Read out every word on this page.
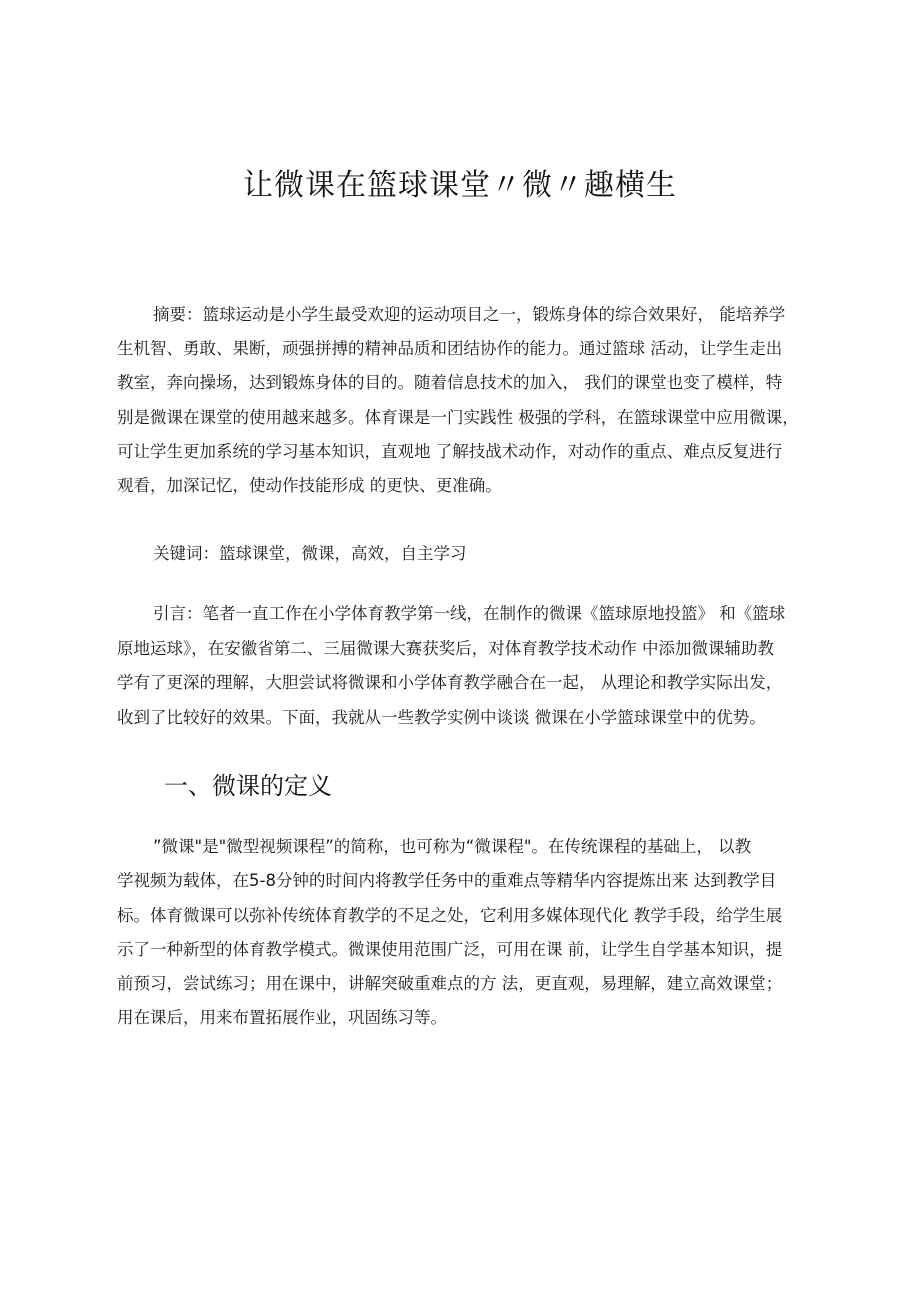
让微课在篮球课堂〃微〃趣横生
摘要：篮球运动是小学生最受欢迎的运动项目之一，锻炼身体的综合效果好， 能培养学
生机智、勇敢、果断，顽强拼搏的精神品质和团结协作的能力。通过篮球 活动，让学生走出
教室，奔向操场，达到锻炼身体的目的。随着信息技术的加入， 我们的课堂也变了模样，特
别是微课在课堂的使用越来越多。体育课是一门实践性 极强的学科，在篮球课堂中应用微课，
可让学生更加系统的学习基本知识，直观地 了解技战术动作，对动作的重点、难点反复进行
观看，加深记忆，使动作技能形成 的更快、更准确。
关键词：篮球课堂，微课，高效，自主学习
引言：笔者一直工作在小学体育教学第一线，在制作的微课《篮球原地投篮》 和《篮球
原地运球》，在安徽省第二、三届微课大赛获奖后，对体育教学技术动作 中添加微课辅助教
学有了更深的理解，大胆尝试将微课和小学体育教学融合在一起， 从理论和教学实际出发，
收到了比较好的效果。下面，我就从一些教学实例中谈谈 微课在小学篮球课堂中的优势。
一、微课的定义
”微课"是"微型视频课程”的简称，也可称为“微课程"。在传统课程的基础上， 以教
学视频为载体，在5-8分钟的时间内将教学任务中的重难点等精华内容提炼出来 达到教学目
标。体育微课可以弥补传统体育教学的不足之处，它利用多媒体现代化 教学手段，给学生展
示了一种新型的体育教学模式。微课使用范围广泛，可用在课 前，让学生自学基本知识，提
前预习，尝试练习；用在课中，讲解突破重难点的方 法，更直观，易理解，建立高效课堂；
用在课后，用来布置拓展作业，巩固练习等。
